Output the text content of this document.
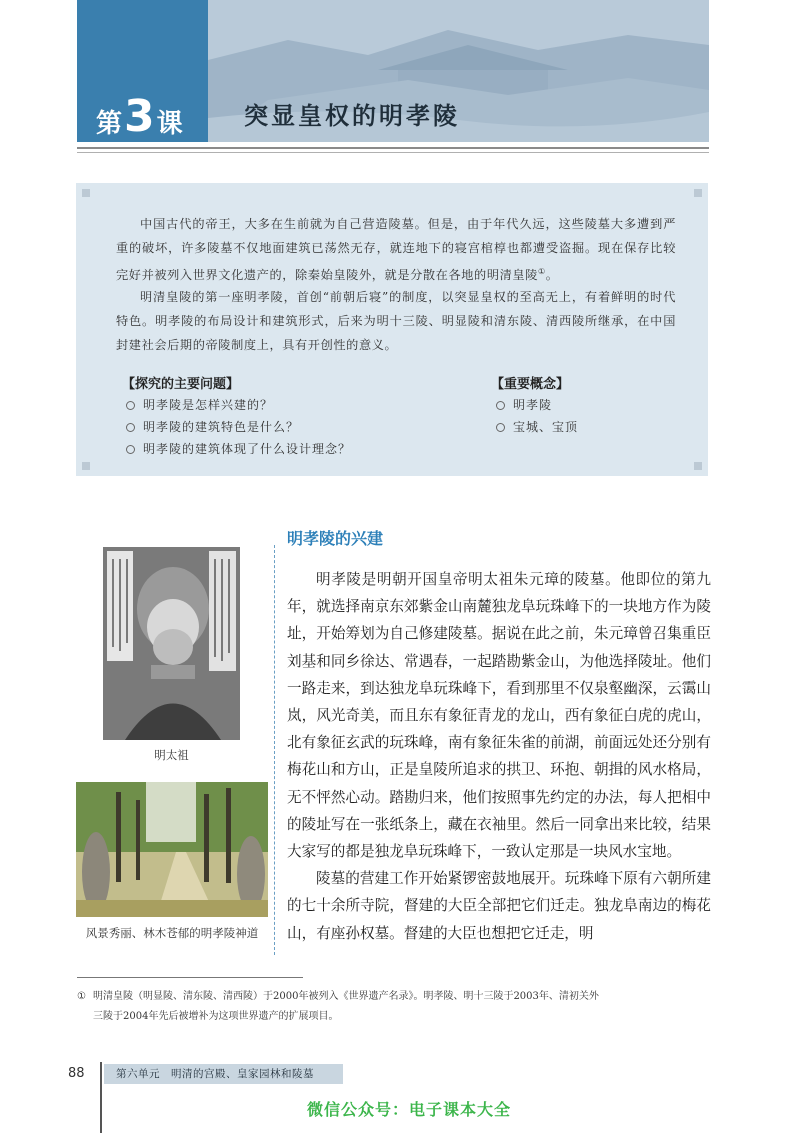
第 3 课	突显皇权的明孝陵

中国古代的帝王，大多在生前就为自己营造陵墓。但是，由于年代久远，这些陵墓大多遭到严重的破坏，许多陵墓不仅地面建筑已荡然无存，就连地下的寝宫棺椁也都遭受盗掘。现在保存比较完好并被列入世界文化遗产的，除秦始皇陵外，就是分散在各地的明清皇陵①。

明清皇陵的第一座明孝陵，首创“前朝后寝”的制度，以突显皇权的至高无上，有着鲜明的时代特色。明孝陵的布局设计和建筑形式，后来为明十三陵、明显陵和清东陵、清西陵所继承，在中国封建社会后期的帝陵制度上，具有开创性的意义。

【探究的主要问题】
明孝陵是怎样兴建的？
明孝陵的建筑特色是什么？
明孝陵的建筑体现了什么设计理念？
【重要概念】
明孝陵
宝城、宝顶
明太祖
风景秀丽、林木苍郁的明孝陵神道
明孝陵的兴建

明孝陵是明朝开国皇帝明太祖朱元璋的陵墓。他即位的第九年，就选择南京东郊紫金山南麓独龙阜玩珠峰下的一块地方作为陵址，开始筹划为自己修建陵墓。据说在此之前，朱元璋曾召集重臣刘基和同乡徐达、常遇春，一起踏勘紫金山，为他选择陵址。他们一路走来，到达独龙阜玩珠峰下，看到那里不仅泉壑幽深，云霭山岚，风光奇美，而且东有象征青龙的龙山，西有象征白虎的虎山，北有象征玄武的玩珠峰，南有象征朱雀的前湖，前面远处还分别有梅花山和方山，正是皇陵所追求的拱卫、环抱、朝揖的风水格局，无不怦然心动。踏勘归来，他们按照事先约定的办法，每人把相中的陵址写在一张纸条上，藏在衣袖里。然后一同拿出来比较，结果大家写的都是独龙阜玩珠峰下，一致认定那是一块风水宝地。

陵墓的营建工作开始紧锣密鼓地展开。玩珠峰下原有六朝所建的七十余所寺院，督建的大臣全部把它们迁走。独龙阜南边的梅花山，有座孙权墓。督建的大臣也想把它迁走，明

① 明清皇陵（明显陵、清东陵、清西陵）于2000年被列入《世界遗产名录》。明孝陵、明十三陵于2003年、清初关外
三陵于2004年先后被增补为这项世界遗产的扩展项目。
88	第六单元　明清的宫殿、皇家园林和陵墓
微信公众号：电子课本大全
